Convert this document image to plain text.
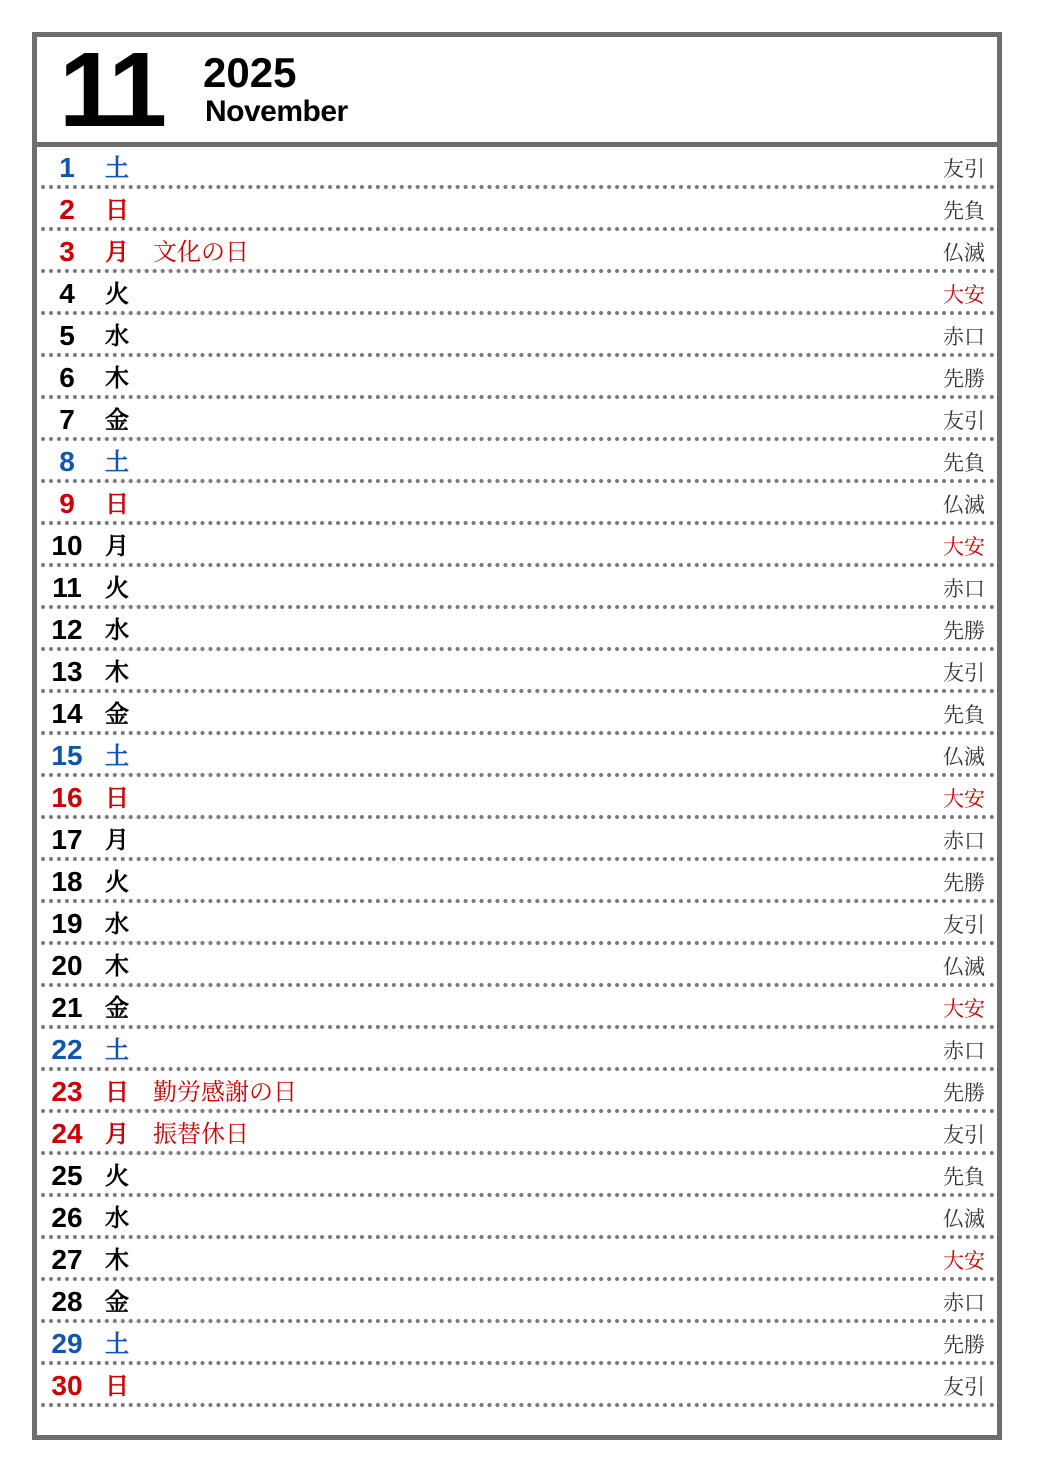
11 2025
November
1	土	友引
2	日	先負
3	月 文化の日	仏滅
4	火	大安
5	水	赤口
6	木	先勝
7	金	友引
8	土	先負
9	日	仏滅
10 月	大安
11 火	赤口
12 水	先勝
13 木	友引
14 金	先負
15 土	仏滅
16 日	大安
17 月	赤口
18 火	先勝
19 水	友引
20 木	仏滅
21 金	大安
22 土	赤口
23 日 勤労感謝の日	先勝
24 月 振替休日	友引
25 火	先負
26 水	仏滅
27 木	大安
28 金	赤口
29 土	先勝
30 日	友引
